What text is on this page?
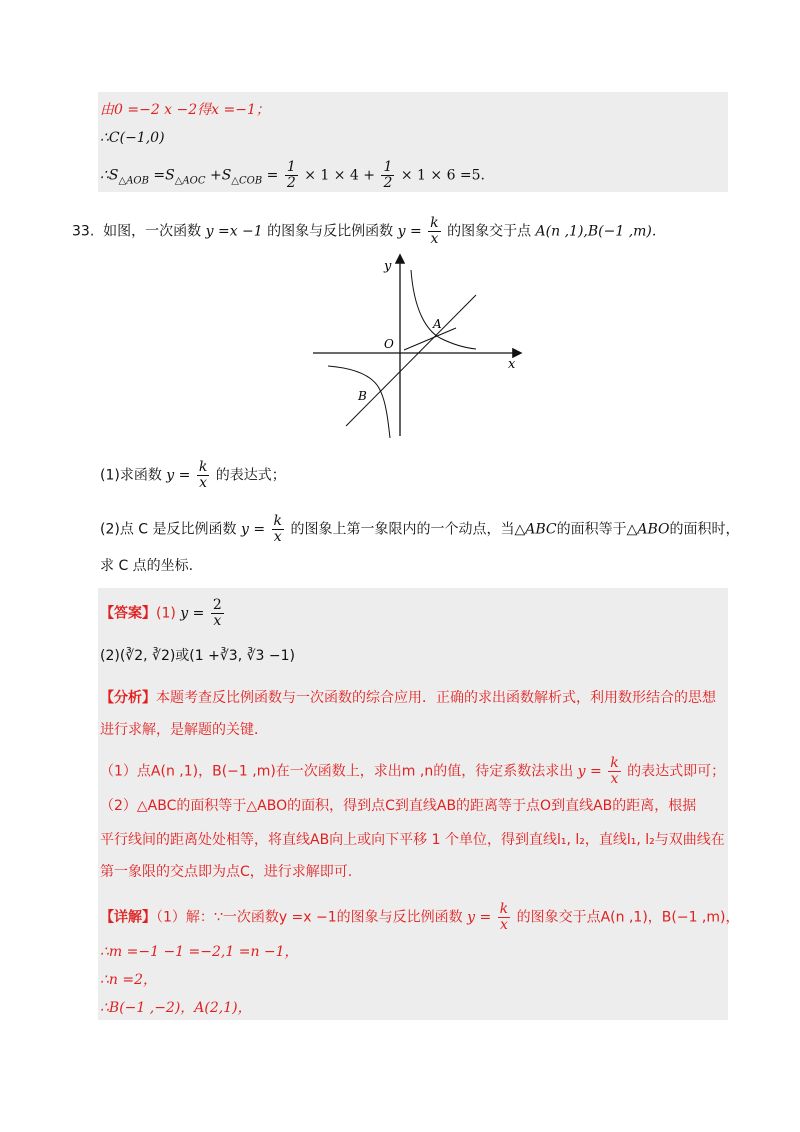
由0 =−2 x −2得x =−1；
∴C(−1,0)
$\therefore S_{\triangle AOB} =S_{\triangle AOC} +S_{\triangle COB} = \frac{1}{2} \times 1 \times 4 + \frac{1}{2} \times 1 \times 6 =5$.
33. 如图，一次函数 y =x −1 的图象与反比例函数 $y = \frac{k}{x}$ 的图象交于点 A(n ,1),B(−1 ,m).
y
x
O
A
B
(1)求函数 $y = \frac{k}{x}$ 的表达式；
(2)点 C 是反比例函数 $y = \frac{k}{x}$ 的图象上第一象限内的一个动点，当△ABC的面积等于△ABO的面积时，
求 C 点的坐标.
【答案】(1) $y = \frac{2}{x}$
(2)(∛2, ∛2)或(1 +∛3, ∛3 −1)
【分析】本题考查反比例函数与一次函数的综合应用．正确的求出函数解析式，利用数形结合的思想
进行求解，是解题的关键．
（1）点A(n ,1)，B(−1 ,m)在一次函数上，求出m ,n的值，待定系数法求出 $y = \frac{k}{x}$ 的表达式即可；
（2）△ABC的面积等于△ABO的面积，得到点C到直线AB的距离等于点O到直线AB的距离，根据
平行线间的距离处处相等，将直线AB向上或向下平移 1 个单位，得到直线l₁, l₂，直线l₁, l₂与双曲线在
第一象限的交点即为点C，进行求解即可.
【详解】（1）解：∵一次函数y =x −1的图象与反比例函数 $y = \frac{k}{x}$ 的图象交于点A(n ,1)，B(−1 ,m)，
∴m =−1 −1 =−2,1 =n −1，
∴n =2，
∴B(−1 ,−2)，A(2,1)，
